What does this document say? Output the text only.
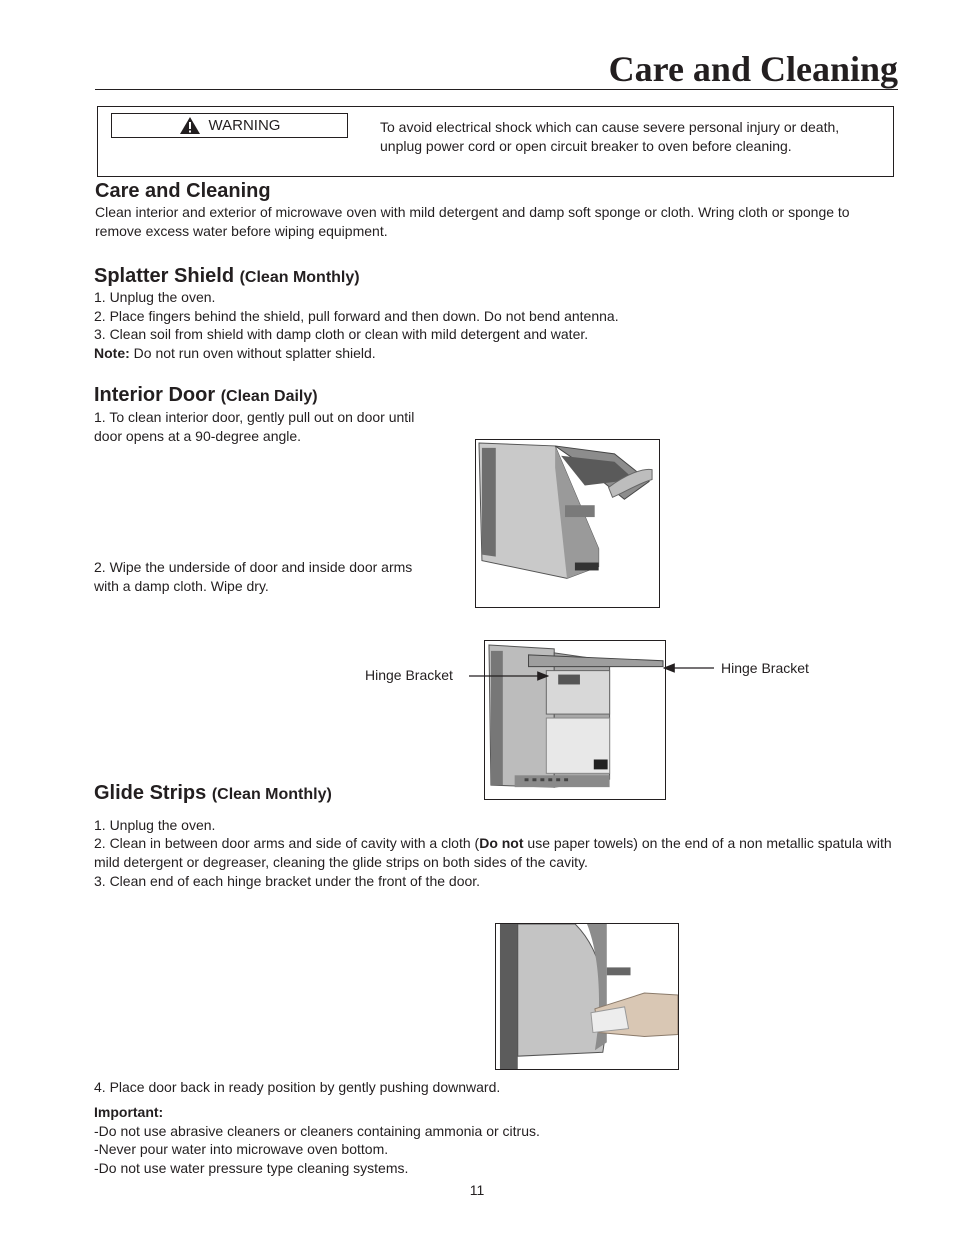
Care and Cleaning
WARNING	To avoid electrical shock which can cause severe personal injury or death, unplug power cord or open circuit breaker to oven before cleaning.
Care and Cleaning
Clean interior and exterior of microwave oven with mild detergent and damp soft sponge or cloth. Wring cloth or sponge to remove excess water before wiping equipment.
Splatter Shield (Clean Monthly)
1. Unplug the oven.
2. Place fingers behind the shield, pull forward and then down. Do not bend antenna.
3. Clean soil from shield with damp cloth or clean with mild detergent and water.
Note: Do not run oven without splatter shield.
Interior Door (Clean Daily)
1. To clean interior door, gently pull out on door until door opens at a 90-degree angle.
2. Wipe the underside of door and inside door arms with a damp cloth. Wipe dry.
Hinge Bracket	Hinge Bracket
Glide Strips (Clean Monthly)
1. Unplug the oven.
2. Clean in between door arms and side of cavity with a cloth (Do not use paper towels) on the end of a non metallic spatula with mild detergent or degreaser, cleaning the glide strips on both sides of the cavity.
3. Clean end of each hinge bracket under the front of the door.
4. Place door back in ready position by gently pushing downward.
Important:
-Do not use abrasive cleaners or cleaners containing ammonia or citrus.
-Never pour water into microwave oven bottom.
-Do not use water pressure type cleaning systems.
11
